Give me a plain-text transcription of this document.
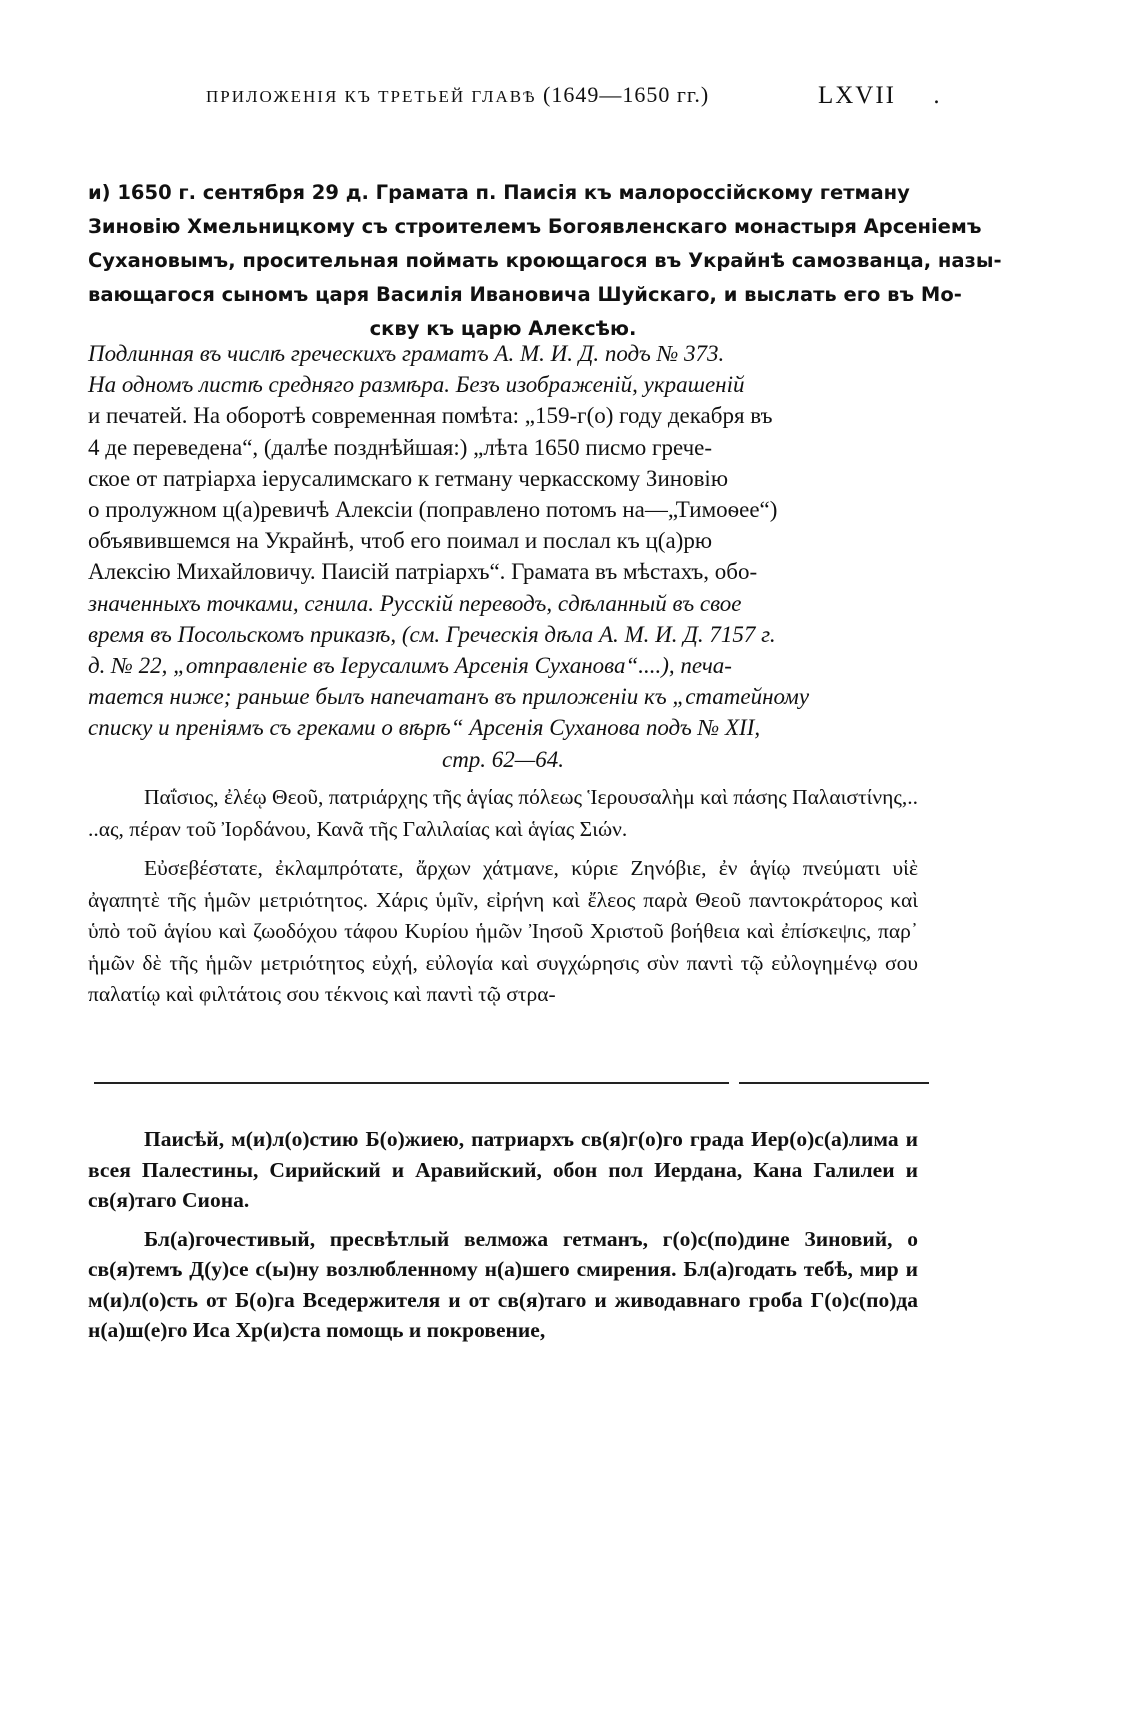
ПРИЛОЖЕНІЯ КЪ ТРЕТЬЕЙ ГЛАВѢ (1649—1650 гг.)	LXVII .
и) 1650 г. сентября 29 д. Грамата п. Паисія къ малороссійскому гетману
Зиновію Хмельницкому съ строителемъ Богоявленскаго монастыря Арсеніемъ
Сухановымъ, просительная поймать кроющагося въ Украйнѣ самозванца, назы-
вающагося сыномъ царя Василія Ивановича Шуйскаго, и выслать его въ Мо-
скву къ царю Алексѣю.
Подлинная въ числѣ греческихъ граматъ А. М. И. Д. подъ № 373.
На одномъ листѣ средняго размѣра. Безъ изображеній, украшеній
и печатей. На оборотѣ современная помѣта: „159-г(о) году декабря въ
4 де переведена“, (далѣе позднѣйшая:) „лѣта 1650 писмо грече-
ское от патріарха іерусалимскаго к гетману черкасскому Зиновію
о пролужном ц(а)ревичѣ Алексіи (поправлено потомъ на—„Тимоѳее“)
объявившемся на Украйнѣ, чтоб его поимал и послал къ ц(а)рю
Алексію Михайловичу. Паисій патріархъ“. Грамата въ мѣстахъ, обо-
значенныхъ точками, сгнила. Русскій переводъ, сдѣланный въ свое
время въ Посольскомъ приказѣ, (см. Греческія дѣла А. М. И. Д. 7157 г.
д. № 22, „отправленіе въ Іерусалимъ Арсенія Суханова“....), печа-
тается ниже; раньше былъ напечатанъ въ приложеніи къ „статейному
списку и преніямъ съ греками о вѣрѣ“ Арсенія Суханова подъ № XII,
стр. 62—64.

Παΐσιος, ἐλέῳ Θεοῦ, πατριάρχης τῆς ἁγίας πόλεως Ἱερουσαλὴμ καὶ πάσης Παλαιστίνης,.. ..ας, πέραν τοῦ Ἰορδάνου, Κανᾶ τῆς Γαλιλαίας καὶ ἁγίας Σιών.

Εὐσεβέστατε, ἐκλαμπρότατε, ἄρχων χάτμανε, κύριε Ζηνόβιε, ἐν ἁγίῳ πνεύματι υἱὲ ἀγαπητὲ τῆς ἡμῶν μετριότητος. Χάρις ὑμῖν, εἰρήνη καὶ ἔλεος παρὰ Θεοῦ παντοκράτορος καὶ ὑπὸ τοῦ ἁγίου καὶ ζωοδόχου τάφου Κυρίου ἡμῶν Ἰησοῦ Χριστοῦ βοήθεια καὶ ἐπίσκεψις, παρ᾽ ἡμῶν δὲ τῆς ἡμῶν μετριότητος εὐχή, εὐλογία καὶ συγχώρησις σὺν παντὶ τῷ εὐλογημένῳ σου παλατίῳ καὶ φιλτάτοις σου τέκνοις καὶ παντὶ τῷ στρα-

Паисѣй, м(и)л(о)стию Б(о)жиею, патриархъ св(я)г(о)го града Иер(о)с(а)лима и всея Палестины, Сирийский и Аравийский, обон пол Иердана, Кана Галилеи и св(я)таго Сиона.

Бл(а)гочестивый, пресвѣтлый велможа гетманъ, г(о)с(по)дине Зиновий, о св(я)темъ Д(у)се с(ы)ну возлюбленному н(а)шего смирения. Бл(а)годать тебѣ, мир и м(и)л(о)сть от Б(о)га Вседержителя и от св(я)таго и живодавнаго гроба Г(о)с(по)да н(а)ш(е)го Иса Хр(и)ста помощь и покровение,
